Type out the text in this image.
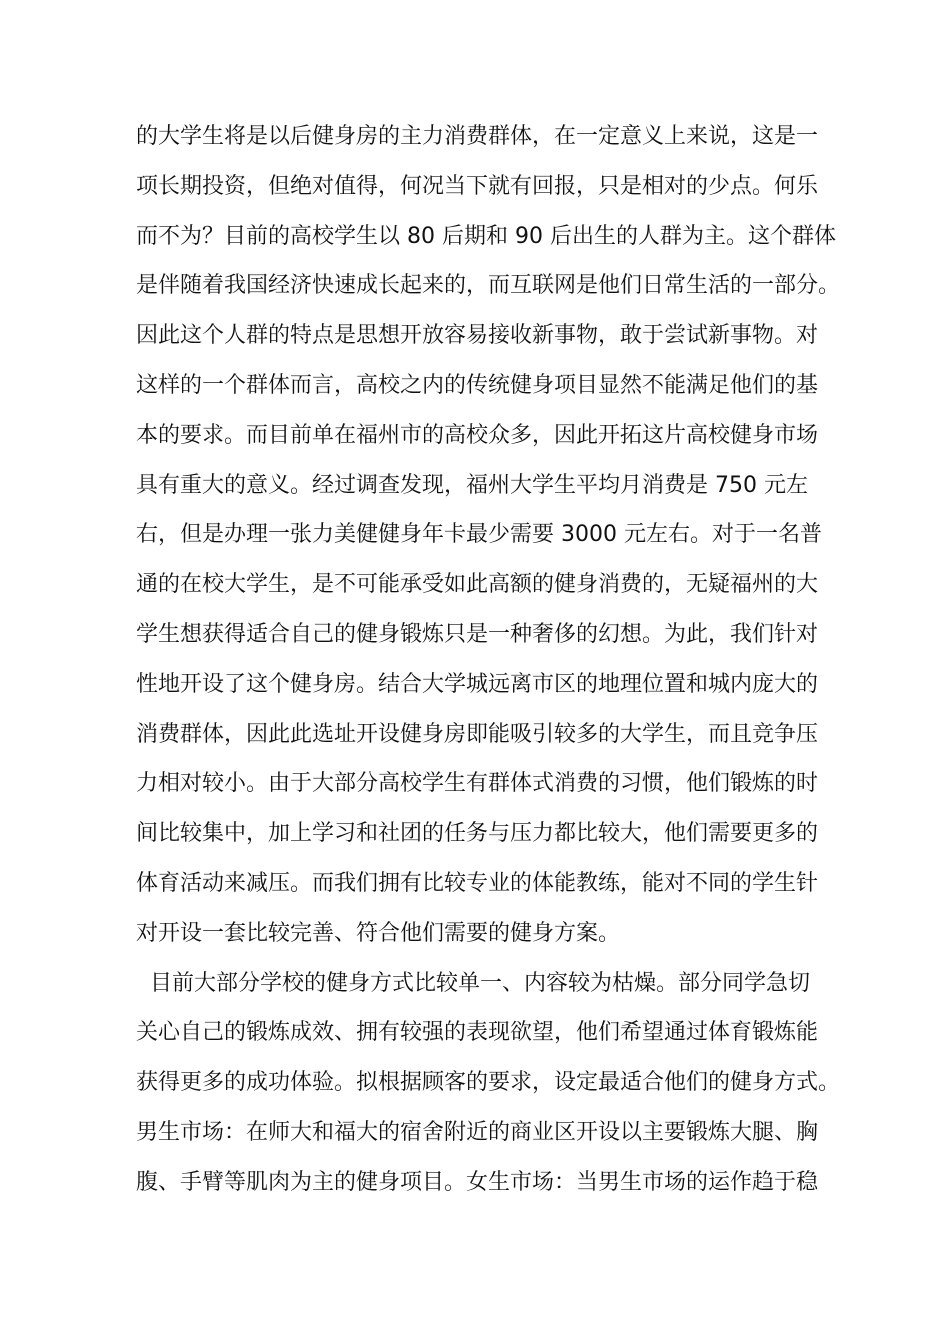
的大学生将是以后健身房的主力消费群体，在一定意义上来说，这是一
项长期投资，但绝对值得，何况当下就有回报，只是相对的少点。何乐
而不为？目前的高校学生以 80 后期和 90 后出生的人群为主。这个群体
是伴随着我国经济快速成长起来的，而互联网是他们日常生活的一部分。
因此这个人群的特点是思想开放容易接收新事物，敢于尝试新事物。对
这样的一个群体而言，高校之内的传统健身项目显然不能满足他们的基
本的要求。而目前单在福州市的高校众多，因此开拓这片高校健身市场
具有重大的意义。经过调查发现，福州大学生平均月消费是 750 元左
右，但是办理一张力美健健身年卡最少需要 3000 元左右。对于一名普
通的在校大学生，是不可能承受如此高额的健身消费的，无疑福州的大
学生想获得适合自己的健身锻炼只是一种奢侈的幻想。为此，我们针对
性地开设了这个健身房。结合大学城远离市区的地理位置和城内庞大的
消费群体，因此此选址开设健身房即能吸引较多的大学生，而且竞争压
力相对较小。由于大部分高校学生有群体式消费的习惯，他们锻炼的时
间比较集中，加上学习和社团的任务与压力都比较大，他们需要更多的
体育活动来减压。而我们拥有比较专业的体能教练，能对不同的学生针
对开设一套比较完善、符合他们需要的健身方案。
目前大部分学校的健身方式比较单一、内容较为枯燥。部分同学急切
关心自己的锻炼成效、拥有较强的表现欲望，他们希望通过体育锻炼能
获得更多的成功体验。拟根据顾客的要求，设定最适合他们的健身方式。
男生市场：在师大和福大的宿舍附近的商业区开设以主要锻炼大腿、胸
腹、手臂等肌肉为主的健身项目。女生市场：当男生市场的运作趋于稳
